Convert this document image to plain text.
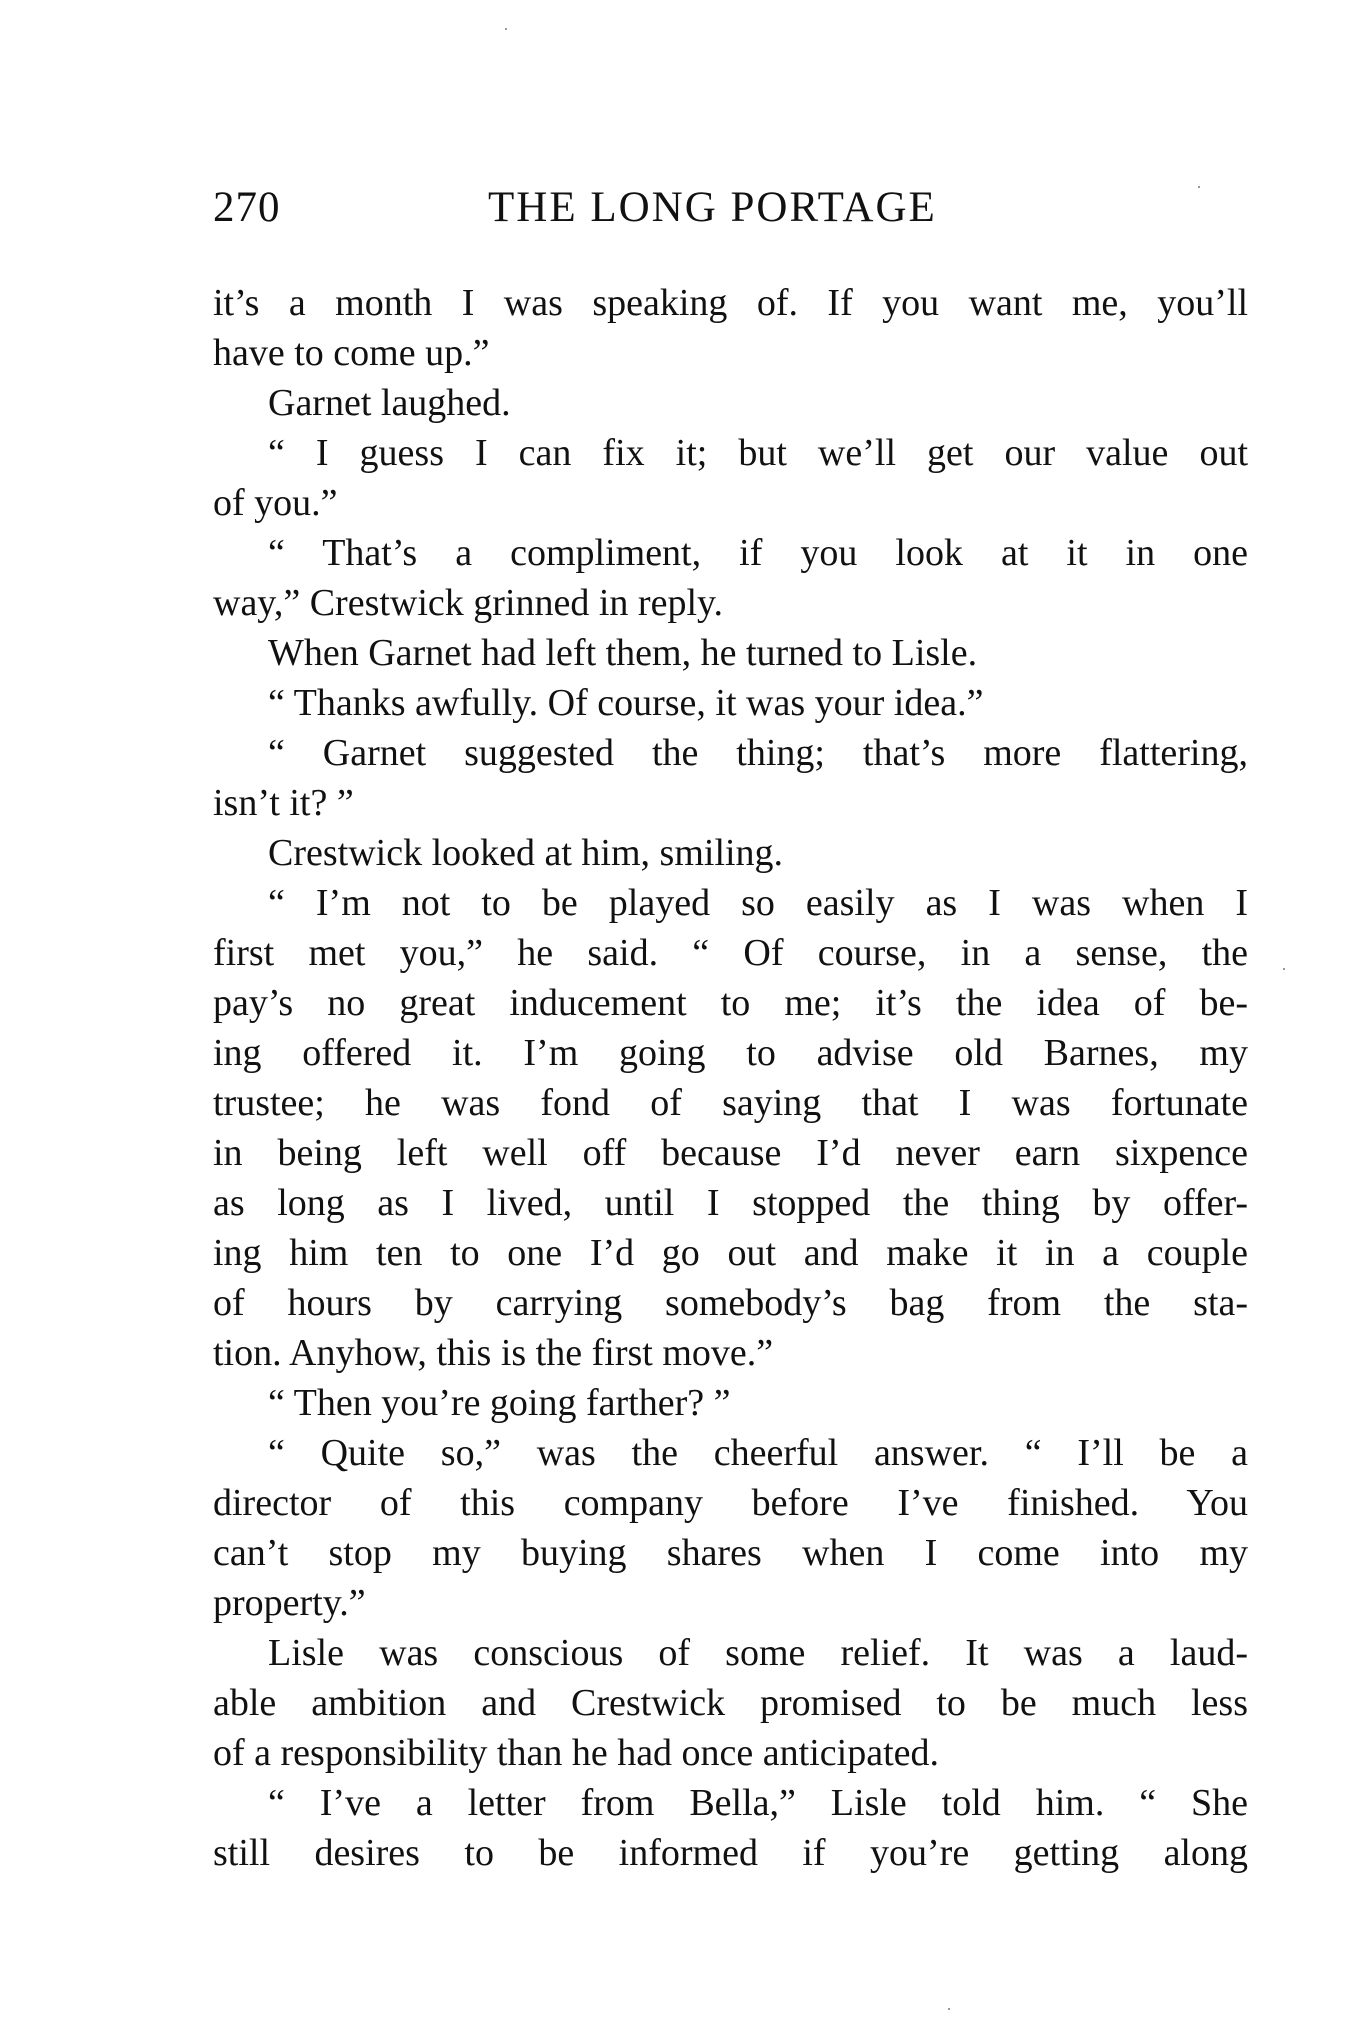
270	THE LONG PORTAGE
it’s a month I was speaking of. If you want me, you’ll
have to come up.”
Garnet laughed.
“ I guess I can fix it; but we’ll get our value out
of you.”
“ That’s a compliment, if you look at it in one
way,” Crestwick grinned in reply.
When Garnet had left them, he turned to Lisle.
“ Thanks awfully. Of course, it was your idea.”
“ Garnet suggested the thing; that’s more flattering,
isn’t it? ”
Crestwick looked at him, smiling.
“ I’m not to be played so easily as I was when I
first met you,” he said. “ Of course, in a sense, the
pay’s no great inducement to me; it’s the idea of be-
ing offered it. I’m going to advise old Barnes, my
trustee; he was fond of saying that I was fortunate
in being left well off because I’d never earn sixpence
as long as I lived, until I stopped the thing by offer-
ing him ten to one I’d go out and make it in a couple
of hours by carrying somebody’s bag from the sta-
tion. Anyhow, this is the first move.”
“ Then you’re going farther? ”
“ Quite so,” was the cheerful answer. “ I’ll be a
director of this company before I’ve finished. You
can’t stop my buying shares when I come into my
property.”
Lisle was conscious of some relief. It was a laud-
able ambition and Crestwick promised to be much less
of a responsibility than he had once anticipated.
“ I’ve a letter from Bella,” Lisle told him. “ She
still desires to be informed if you’re getting along
